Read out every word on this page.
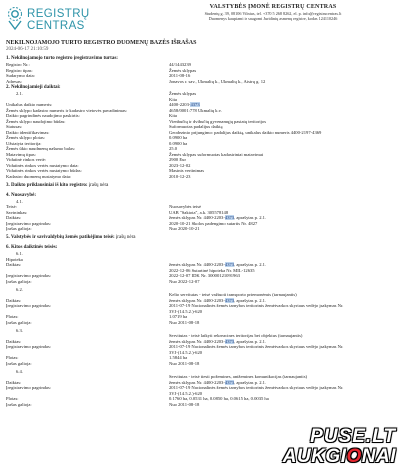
REGISTRŲ
CENTRAS
VALSTYBĖS ĮMONĖ REGISTRŲ CENTRAS
Studentų g. 39, 08106 Vilnius, tel. +370 5 268 8262, el. p. info@registrucentras.lt
Duomenys kaupiami ir saugomi Juridinių asmenų registre, kodas 124110246
NEKILNOJAMOJO TURTO REGISTRO DUOMENŲ BAZĖS IŠRAŠAS
2024-06-17 21:10:59
1. Nekilnojamojo turto registro įregistravimo turtas:
Registro Nr.:	44/1443239
Registro tipas:	Žemės sklypas
Sudarymo data:	2011-08-16
Adresas:	Jonavos r. sav., Ukmalių k., Ukmalių k., Aistrų g. 12
2. Nekilnojamieji daiktai:
2.1.	Žemės sklypas
Kita
Unikalus daikto numeris:	4400-2203-4373
Žemės sklypo kadastro numeris ir kadastro vietovės pavadinimas:	4658/0001:778 Ukmalių k.v.
Daikto pagrindinės naudojimo paskirtis:	Kita
Žemės sklypo naudojimo būdas:	Vienbučių ir dvibučių gyvenamųjų pastatų teritorijos
Statusas:	Suformuotas padalijus daiktą
Daikto identifikavimas:	Geodezinio prijungimo: padalijus daiktą, unikalus daikto numeris 4400-2197-4369
Žemės sklypo plotas:	0.0900 ha
Užstatyta teritorija:	0.0900 ha
Žemės ūkio naudmenų našumo balas:	25.0
Matavimų tipas:	Žemės sklypas suformuotas kadastriniai matavimai
Vidutinė rinkos vertė:	2900 Eur
Vidutinės rinkos vertės nustatymo data:	2023-12-02
Vidutinės rinkos vertės nustatymo būdas:	Masinis vertinimas
Kadastro duomenų nustatymo data:	2010-12-23
3. Daikto priklausiniai iš kito registro: įrašų nėra
4. Nuosavybė:
4.1.
Teisė:	Nuosavybės teisė
Savininkas:	UAB "Sakiota", a.k. 305578148
Daiktas:	žemės sklypas Nr. 4400-2203-4373, aprašytas p. 2.1.
Įregistravimo pagrindas:	2020-10-21 Skolos padengimo sutartis Nr. 4827
Įrašas galioja:	Nuo 2020-10-21
5. Valstybės ir savivaldybių žemės patikėjimo teisė: įrašų nėra
6. Kitos daiktinės teisės:
6.1.
Hipoteka
Daiktas:	žemės sklypas Nr. 4400-2203-4373, aprašytas p. 2.1.
2022-12-06 Sutartinė hipoteka Nr. MIL-12635
Įregistravimo pagrindas:	2022-12-07 IDK Nr. 30000121091963
Įrašas galioja:	Nuo 2022-12-07
6.2.
Kelio servitutas - teisė važiuoti transporto priemonėmis (tarnaujantis)
Daiktas:	žemės sklypas Nr. 4400-2203-4373, aprašytas p. 2.1.
Įregistravimo pagrindas:	2011-07-19 Nacionalinės žemės tarnybos teritorinis žemėtvarkos skyriaus vedėjo įsakymas Nr.
3VJ-(14.5.2.)-620
Plotas:	1.0719 ha
Įrašas galioja:	Nuo 2011-08-18
6.3.
Servitutas - teisė laikyti rekreacines teritorijas bei objektus (tarnaujantis)
Daiktas:	žemės sklypas Nr. 4400-2203-4373, aprašytas p. 2.1.
Įregistravimo pagrindas:	2011-07-19 Nacionalinės žemės tarnybos teritorinis žemėtvarkos skyriaus vedėjo įsakymas Nr.
3VJ-(14.5.2.)-620
Plotas:	1.5844 ha
Įrašas galioja:	Nuo 2011-08-18
6.4.
Servitutas - teisė tiesti požemines, antžemines komunikacijas (tarnaujantis)
Daiktas:	žemės sklypas Nr. 4400-2203-4373, aprašytas p. 2.1.
Įregistravimo pagrindas:	2011-07-19 Nacionalinės žemės tarnybos teritorinis žemėtvarkos skyriaus vedėjo įsakymas Nr.
3VJ-(14.5.2.)-620
Plotas:	0.1760 ha, 0.0531 ha, 0.0850 ha, 0.0615 ha, 0.0035 ha
Įrašas galioja:	Nuo 2011-08-18
PUSE.LT
AUKGIONAI
